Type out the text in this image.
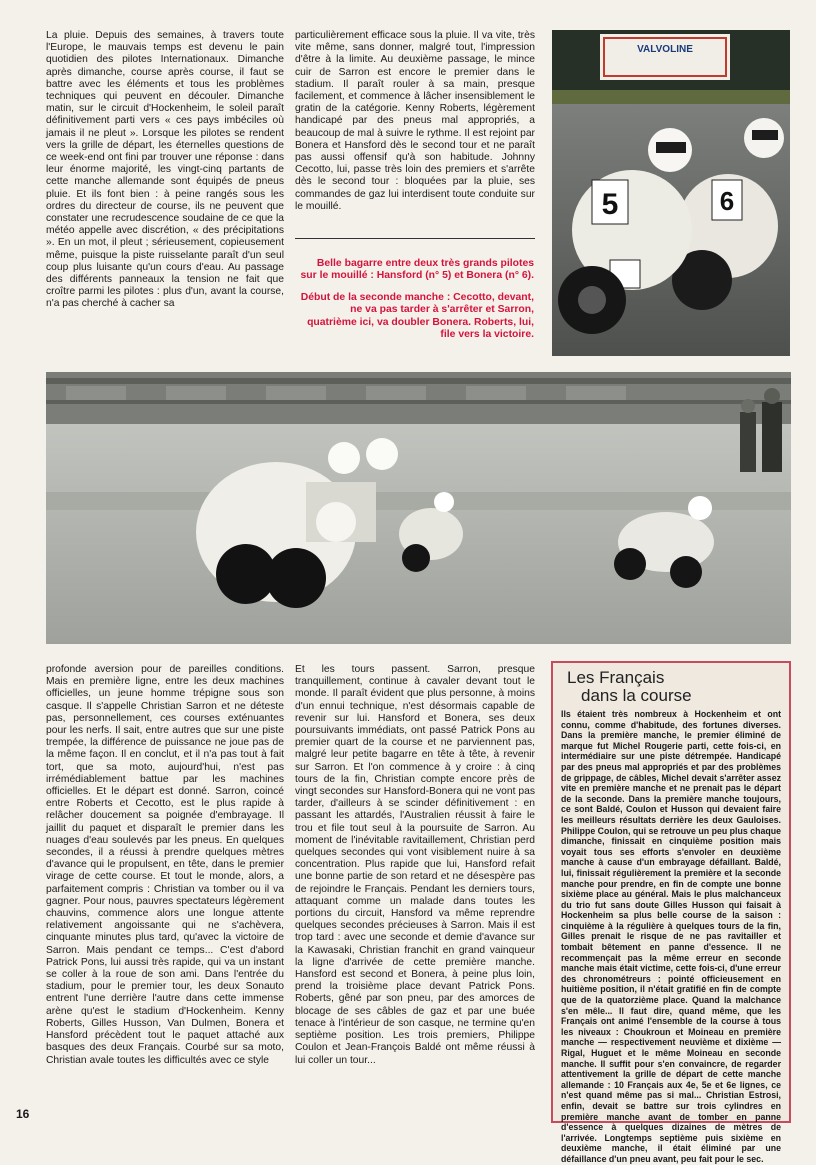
La pluie. Depuis des semaines, à travers toute l'Europe, le mauvais temps est devenu le pain quotidien des pilotes Internationaux. Dimanche après dimanche, course après course, il faut se battre avec les éléments et tous les problèmes techniques qui peuvent en découler. Dimanche matin, sur le circuit d'Hockenheim, le soleil paraît définitivement parti vers « ces pays imbéciles où jamais il ne pleut ». Lorsque les pilotes se rendent vers la grille de départ, les éternelles questions de ce week-end ont fini par trouver une réponse : dans leur énorme majorité, les vingt-cinq partants de cette manche allemande sont équipés de pneus pluie. Et ils font bien : à peine rangés sous les ordres du directeur de course, ils ne peuvent que constater une recrudescence soudaine de ce que la météo appelle avec discrétion, « des précipitations ». En un mot, il pleut ; sérieusement, copieusement même, puisque la piste ruisselante paraît d'un seul coup plus luisante qu'un cours d'eau. Au passage des différents panneaux la tension ne fait que croître parmi les pilotes : plus d'un, avant la course, n'a pas cherché à cacher sa

particulièrement efficace sous la pluie. Il va vite, très vite même, sans donner, malgré tout, l'impression d'être à la limite. Au deuxième passage, le mince cuir de Sarron est encore le premier dans le stadium. Il paraît rouler à sa main, presque facilement, et commence à lâcher insensiblement le gratin de la catégorie. Kenny Roberts, légèrement handicapé par des pneus mal appropriés, a beaucoup de mal à suivre le rythme. Il est rejoint par Bonera et Hansford dès le second tour et ne paraît pas aussi offensif qu'à son habitude. Johnny Cecotto, lui, passe très loin des premiers et s'arrête dès le second tour : bloquées par la pluie, ses commandes de gaz lui interdisent toute conduite sur le mouillé.

Belle bagarre entre deux très grands pilotes sur le mouillé : Hansford (n° 5) et Bonera (n° 6).

Début de la seconde manche : Cecotto, devant, ne va pas tarder à s'arrêter et Sarron, quatrième ici, va doubler Bonera. Roberts, lui, file vers la victoire.

VALVOLINE
6
5

profonde aversion pour de pareilles conditions. Mais en première ligne, entre les deux machines officielles, un jeune homme trépigne sous son casque. Il s'appelle Christian Sarron et ne déteste pas, personnellement, ces courses exténuantes pour les nerfs. Il sait, entre autres que sur une piste trempée, la différence de puissance ne joue pas de la même façon. Il en conclut, et il n'a pas tout à fait tort, que sa moto, aujourd'hui, n'est pas irrémédiablement battue par les machines officielles. Et le départ est donné. Sarron, coincé entre Roberts et Cecotto, est le plus rapide à relâcher doucement sa poignée d'embrayage. Il jaillit du paquet et disparaît le premier dans les nuages d'eau soulevés par les pneus. En quelques secondes, il a réussi à prendre quelques mètres d'avance qui le propulsent, en tête, dans le premier virage de cette course. Et tout le monde, alors, a parfaitement compris : Christian va tomber ou il va gagner. Pour nous, pauvres spectateurs légèrement chauvins, commence alors une longue attente relativement angoissante qui ne s'achèvera, cinquante minutes plus tard, qu'avec la victoire de Sarron. Mais pendant ce temps... C'est d'abord Patrick Pons, lui aussi très rapide, qui va un instant se coller à la roue de son ami. Dans l'entrée du stadium, pour le premier tour, les deux Sonauto entrent l'une derrière l'autre dans cette immense arène qu'est le stadium d'Hockenheim. Kenny Roberts, Gilles Husson, Van Dulmen, Bonera et Hansford précèdent tout le paquet attaché aux basques des deux Français. Courbé sur sa moto, Christian avale toutes les difficultés avec ce style

Et les tours passent. Sarron, presque tranquillement, continue à cavaler devant tout le monde. Il paraît évident que plus personne, à moins d'un ennui technique, n'est désormais capable de revenir sur lui. Hansford et Bonera, ses deux poursuivants immédiats, ont passé Patrick Pons au premier quart de la course et ne parviennent pas, malgré leur petite bagarre en tête à tête, à revenir sur Sarron. Et l'on commence à y croire : à cinq tours de la fin, Christian compte encore près de vingt secondes sur Hansford-Bonera qui ne vont pas tarder, d'ailleurs à se scinder définitivement : en passant les attardés, l'Australien réussit à faire le trou et file tout seul à la poursuite de Sarron. Au moment de l'inévitable ravitaillement, Christian perd quelques secondes qui vont visiblement nuire à sa concentration. Plus rapide que lui, Hansford refait une bonne partie de son retard et ne désespère pas de rejoindre le Français. Pendant les derniers tours, attaquant comme un malade dans toutes les portions du circuit, Hansford va même reprendre quelques secondes précieuses à Sarron. Mais il est trop tard : avec une seconde et demie d'avance sur la Kawasaki, Christian franchit en grand vainqueur la ligne d'arrivée de cette première manche. Hansford est second et Bonera, à peine plus loin, prend la troisième place devant Patrick Pons. Roberts, gêné par son pneu, par des amorces de blocage de ses câbles de gaz et par une buée tenace à l'intérieur de son casque, ne termine qu'en septième position. Les trois premiers, Philippe Coulon et Jean-François Baldé ont même réussi à lui coller un tour...

Les Français
dans la course
Ils étaient très nombreux à Hockenheim et ont connu, comme d'habitude, des fortunes diverses. Dans la première manche, le premier éliminé de marque fut Michel Rougerie parti, cette fois-ci, en intermédiaire sur une piste détrempée. Handicapé par des pneus mal appropriés et par des problèmes de grippage, de câbles, Michel devait s'arrêter assez vite en première manche et ne prenait pas le départ de la seconde. Dans la première manche toujours, ce sont Baldé, Coulon et Husson qui devaient faire les meilleurs résultats derrière les deux Gauloises. Philippe Coulon, qui se retrouve un peu plus chaque dimanche, finissait en cinquième position mais voyait tous ses efforts s'envoler en deuxième manche à cause d'un embrayage défaillant. Baldé, lui, finissait régulièrement la première et la seconde manche pour prendre, en fin de compte une bonne sixième place au général. Mais le plus malchanceux du trio fut sans doute Gilles Husson qui faisait à Hockenheim sa plus belle course de la saison : cinquième à la régulière à quelques tours de la fin, Gilles prenait le risque de ne pas ravitailler et tombait bêtement en panne d'essence. Il ne recommençait pas la même erreur en seconde manche mais était victime, cette fois-ci, d'une erreur des chronométreurs : pointé officieusement en huitième position, il n'était gratifié en fin de compte que de la quatorzième place. Quand la malchance s'en mêle... Il faut dire, quand même, que les Français ont animé l'ensemble de la course à tous les niveaux : Choukroun et Moineau en première manche — respectivement neuvième et dixième — Rigal, Huguet et le même Moineau en seconde manche. Il suffit pour s'en convaincre, de regarder attentivement la grille de départ de cette manche allemande : 10 Français aux 4e, 5e et 6e lignes, ce n'est quand même pas si mal... Christian Estrosi, enfin, devait se battre sur trois cylindres en première manche avant de tomber en panne d'essence à quelques dizaines de mètres de l'arrivée. Longtemps septième puis sixième en deuxième manche, il était éliminé par une défaillance d'un pneu avant, peu fait pour le sec.
16
